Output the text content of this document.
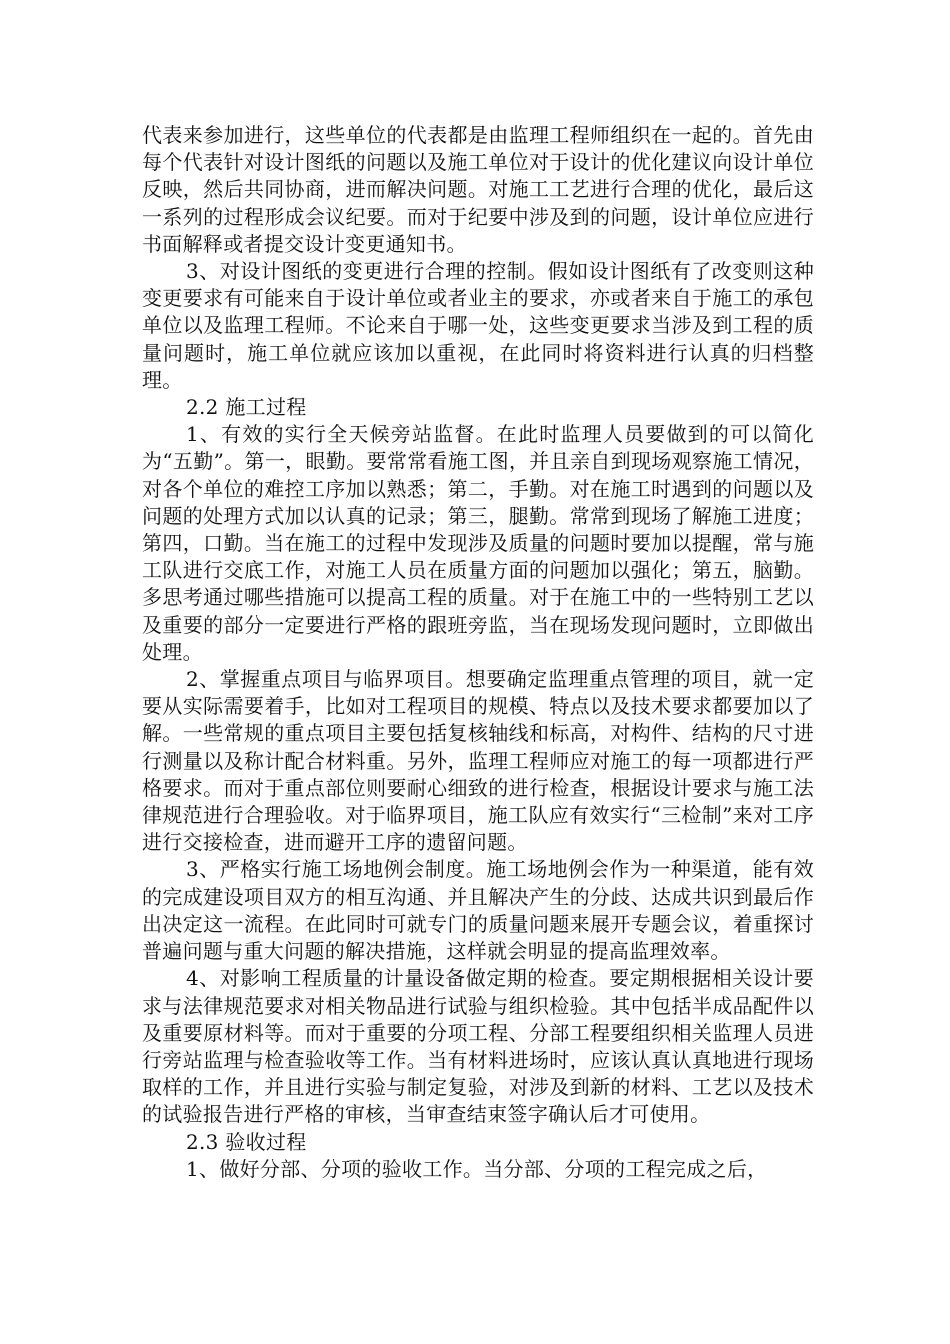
代表来参加进行，这些单位的代表都是由监理工程师组织在一起的。首先由每个代表针对设计图纸的问题以及施工单位对于设计的优化建议向设计单位反映，然后共同协商，进而解决问题。对施工工艺进行合理的优化，最后这一系列的过程形成会议纪要。而对于纪要中涉及到的问题，设计单位应进行书面解释或者提交设计变更通知书。

3、对设计图纸的变更进行合理的控制。假如设计图纸有了改变则这种变更要求有可能来自于设计单位或者业主的要求，亦或者来自于施工的承包单位以及监理工程师。不论来自于哪一处，这些变更要求当涉及到工程的质量问题时，施工单位就应该加以重视，在此同时将资料进行认真的归档整理。

2.2 施工过程

1、有效的实行全天候旁站监督。在此时监理人员要做到的可以简化为“五勤”。第一，眼勤。要常常看施工图，并且亲自到现场观察施工情况，对各个单位的难控工序加以熟悉；第二，手勤。对在施工时遇到的问题以及问题的处理方式加以认真的记录；第三，腿勤。常常到现场了解施工进度；第四，口勤。当在施工的过程中发现涉及质量的问题时要加以提醒，常与施工队进行交底工作，对施工人员在质量方面的问题加以强化；第五，脑勤。多思考通过哪些措施可以提高工程的质量。对于在施工中的一些特别工艺以及重要的部分一定要进行严格的跟班旁监，当在现场发现问题时，立即做出处理。

2、掌握重点项目与临界项目。想要确定监理重点管理的项目，就一定要从实际需要着手，比如对工程项目的规模、特点以及技术要求都要加以了解。一些常规的重点项目主要包括复核轴线和标高，对构件、结构的尺寸进行测量以及称计配合材料重。另外，监理工程师应对施工的每一项都进行严格要求。而对于重点部位则要耐心细致的进行检查，根据设计要求与施工法律规范进行合理验收。对于临界项目，施工队应有效实行“三检制”来对工序进行交接检查，进而避开工序的遗留问题。

3、严格实行施工场地例会制度。施工场地例会作为一种渠道，能有效的完成建设项目双方的相互沟通、并且解决产生的分歧、达成共识到最后作出决定这一流程。在此同时可就专门的质量问题来展开专题会议，着重探讨普遍问题与重大问题的解决措施，这样就会明显的提高监理效率。

4、对影响工程质量的计量设备做定期的检查。要定期根据相关设计要求与法律规范要求对相关物品进行试验与组织检验。其中包括半成品配件以及重要原材料等。而对于重要的分项工程、分部工程要组织相关监理人员进行旁站监理与检查验收等工作。当有材料进场时，应该认真认真地进行现场取样的工作，并且进行实验与制定复验，对涉及到新的材料、工艺以及技术的试验报告进行严格的审核，当审查结束签字确认后才可使用。

2.3 验收过程

1、做好分部、分项的验收工作。当分部、分项的工程完成之后，
